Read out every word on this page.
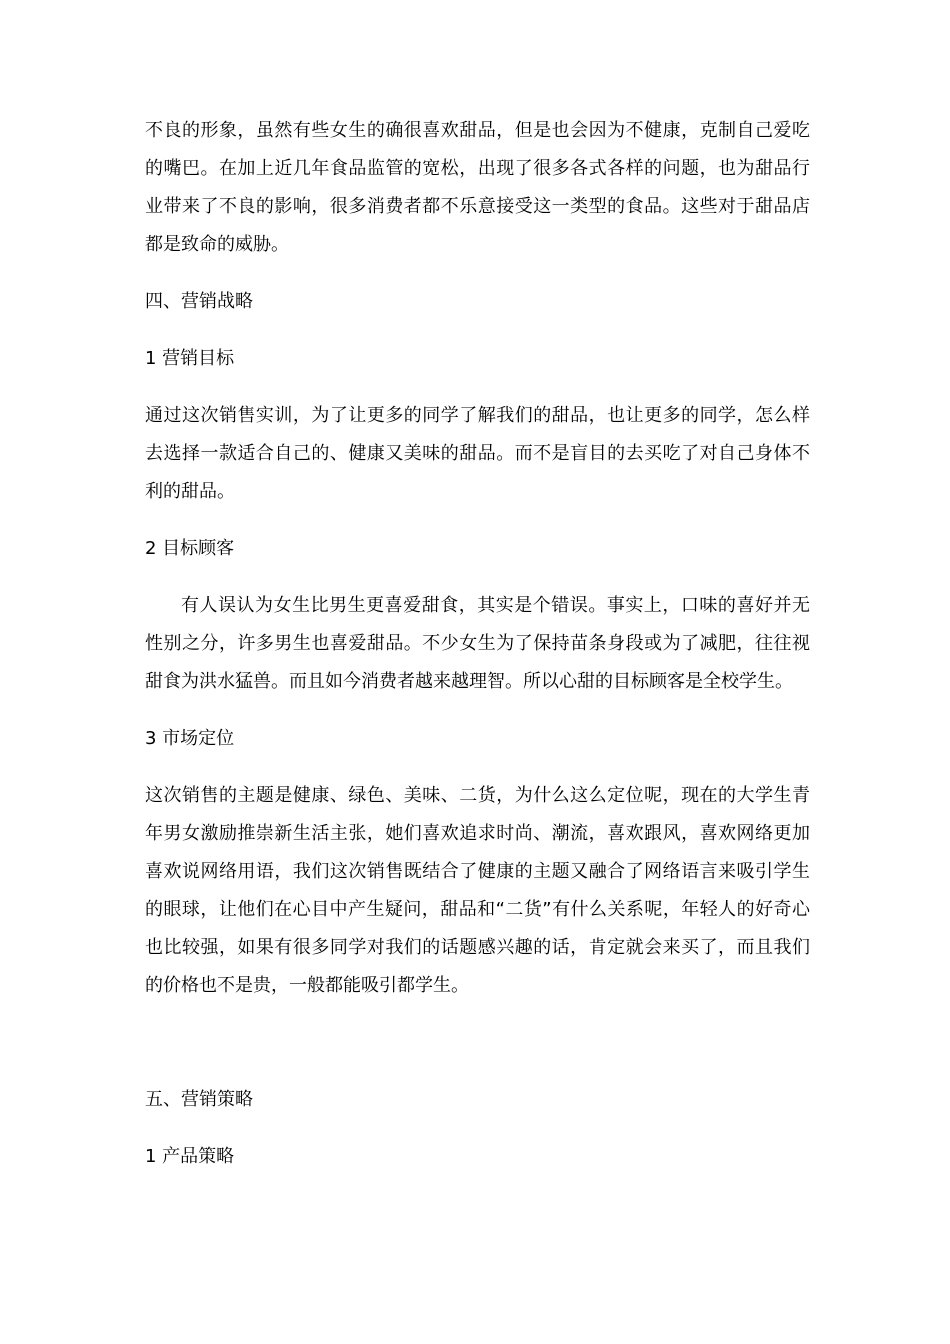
不良的形象，虽然有些女生的确很喜欢甜品，但是也会因为不健康，克制自己爱吃的嘴巴。在加上近几年食品监管的宽松，出现了很多各式各样的问题，也为甜品行业带来了不良的影响，很多消费者都不乐意接受这一类型的食品。这些对于甜品店都是致命的威胁。

四、营销战略

1 营销目标

通过这次销售实训，为了让更多的同学了解我们的甜品，也让更多的同学，怎么样去选择一款适合自己的、健康又美味的甜品。而不是盲目的去买吃了对自己身体不利的甜品。

2 目标顾客

有人误认为女生比男生更喜爱甜食，其实是个错误。事实上，口味的喜好并无性别之分，许多男生也喜爱甜品。不少女生为了保持苗条身段或为了减肥，往往视甜食为洪水猛兽。而且如今消费者越来越理智。所以心甜的目标顾客是全校学生。

3 市场定位

这次销售的主题是健康、绿色、美味、二货，为什么这么定位呢，现在的大学生青年男女激励推崇新生活主张，她们喜欢追求时尚、潮流，喜欢跟风，喜欢网络更加喜欢说网络用语，我们这次销售既结合了健康的主题又融合了网络语言来吸引学生的眼球，让他们在心目中产生疑问，甜品和“二货”有什么关系呢，年轻人的好奇心也比较强，如果有很多同学对我们的话题感兴趣的话，肯定就会来买了，而且我们的价格也不是贵，一般都能吸引都学生。

五、营销策略

1 产品策略
